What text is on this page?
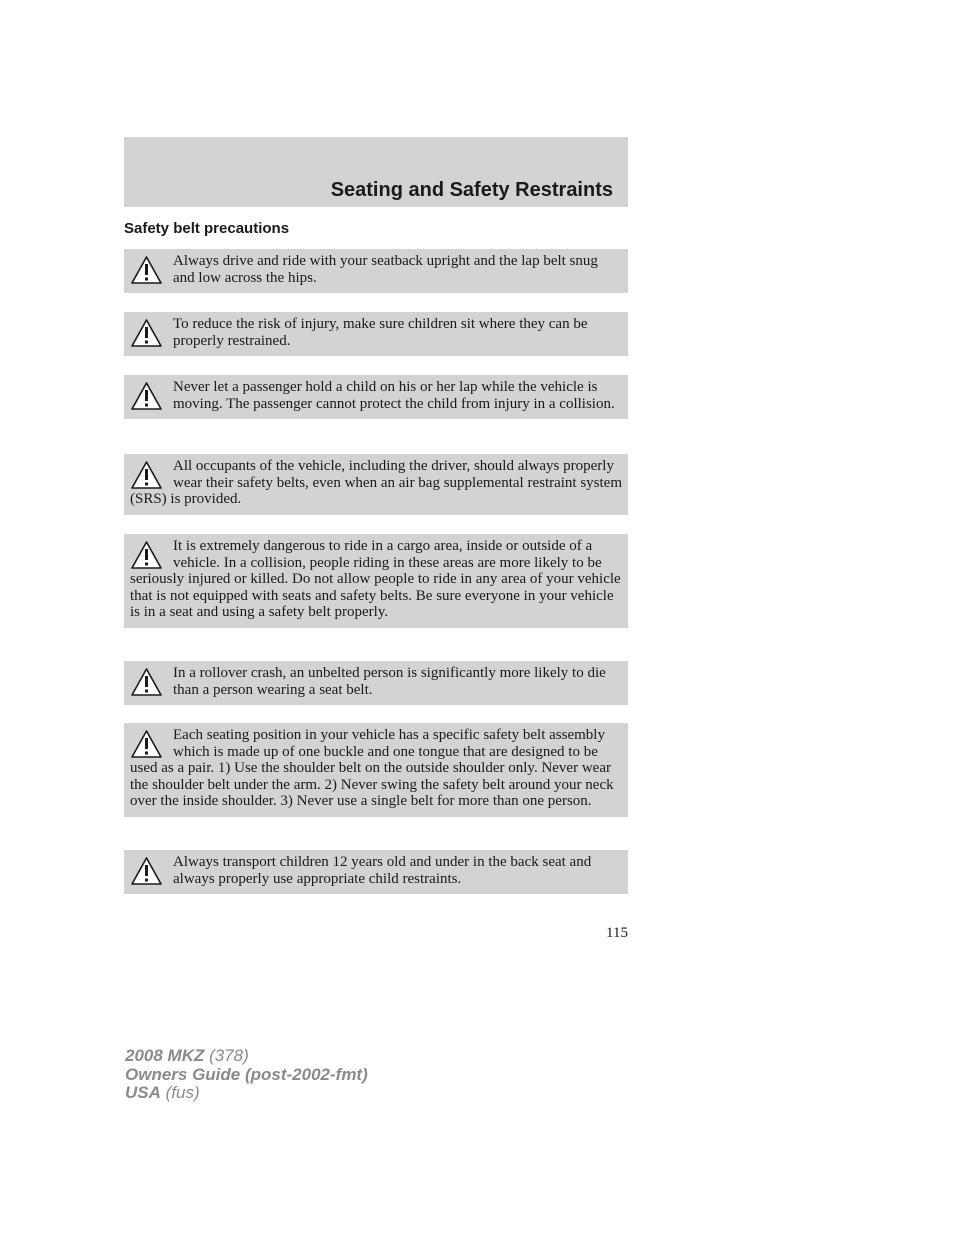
Seating and Safety Restraints
Safety belt precautions
Always drive and ride with your seatback upright and the lap belt snug and low across the hips.
To reduce the risk of injury, make sure children sit where they can be properly restrained.
Never let a passenger hold a child on his or her lap while the vehicle is moving. The passenger cannot protect the child from injury in a collision.
All occupants of the vehicle, including the driver, should always properly wear their safety belts, even when an air bag supplemental restraint system (SRS) is provided.
It is extremely dangerous to ride in a cargo area, inside or outside of a vehicle. In a collision, people riding in these areas are more likely to be seriously injured or killed. Do not allow people to ride in any area of your vehicle that is not equipped with seats and safety belts. Be sure everyone in your vehicle is in a seat and using a safety belt properly.
In a rollover crash, an unbelted person is significantly more likely to die than a person wearing a seat belt.
Each seating position in your vehicle has a specific safety belt assembly which is made up of one buckle and one tongue that are designed to be used as a pair. 1) Use the shoulder belt on the outside shoulder only. Never wear the shoulder belt under the arm. 2) Never swing the safety belt around your neck over the inside shoulder. 3) Never use a single belt for more than one person.
Always transport children 12 years old and under in the back seat and always properly use appropriate child restraints.
115
2008 MKZ (378)
Owners Guide (post-2002-fmt)
USA (fus)
